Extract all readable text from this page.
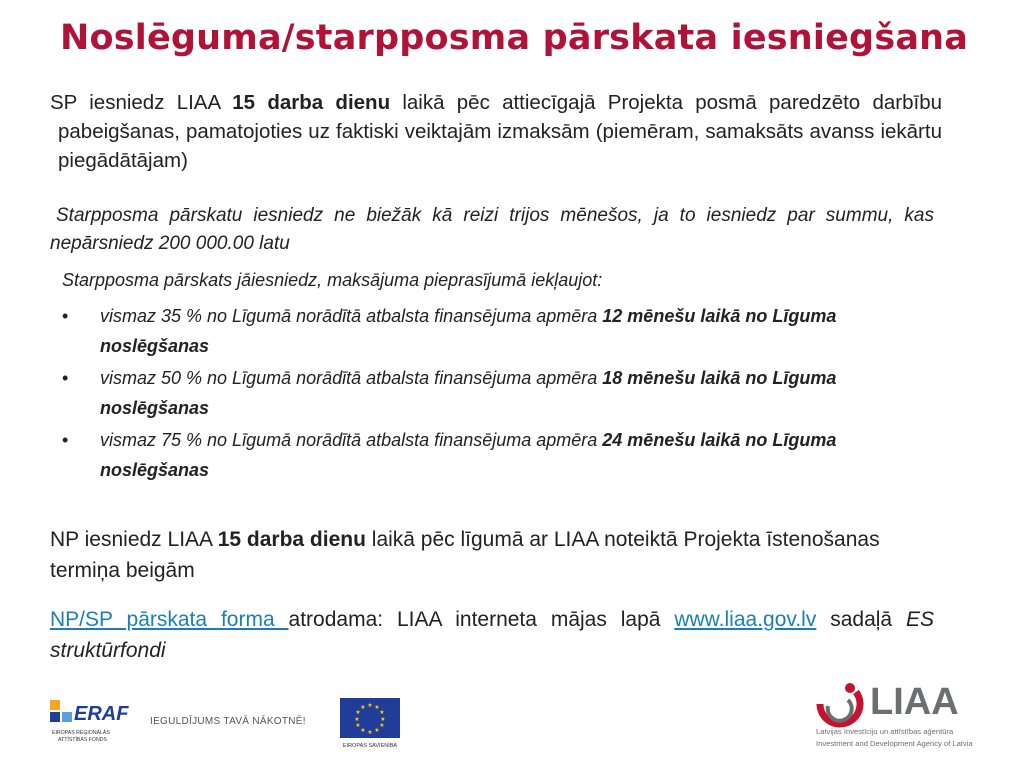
Noslēguma/starpposma pārskata iesniegšana
SP iesniedz LIAA 15 darba dienu laikā pēc attiecīgajā Projekta posmā paredzēto darbību pabeigšanas, pamatojoties uz faktiski veiktajām izmaksām (piemēram, samaksāts avanss iekārtu piegādātājam)
Starpposma pārskatu iesniedz ne biežāk kā reizi trijos mēnešos, ja to iesniedz par summu, kas nepārsniedz 200 000.00 latu
Starpposma pārskats jāiesniedz, maksājuma pieprasījumā iekļaujot:
• vismaz 35 % no Līgumā norādītā atbalsta finansējuma apmēra 12 mēnešu laikā no Līguma noslēgšanas
• vismaz 50 % no Līgumā norādītā atbalsta finansējuma apmēra 18 mēnešu laikā no Līguma noslēgšanas
• vismaz 75 % no Līgumā norādītā atbalsta finansējuma apmēra 24 mēnešu laikā no Līguma noslēgšanas
NP iesniedz LIAA 15 darba dienu laikā pēc līgumā ar LIAA noteiktā Projekta īstenošanas termiņa beigām
NP/SP pārskata forma atrodama: LIAA interneta mājas lapā www.liaa.gov.lv sadaļā ES struktūrfondi
ERAF
EIROPAS REĢIONĀLĀS
ATTĪSTĪBAS FONDS
IEGULDĪJUMS TAVĀ NĀKOTNĒ!
★ ★
★
★
★
★
★
★
★
★
★
★
EIROPAS SAVIENĪBA
LIAA
Latvijas Investīciju un attīstības aģentūra
Investment and Development Agency of Latvia
